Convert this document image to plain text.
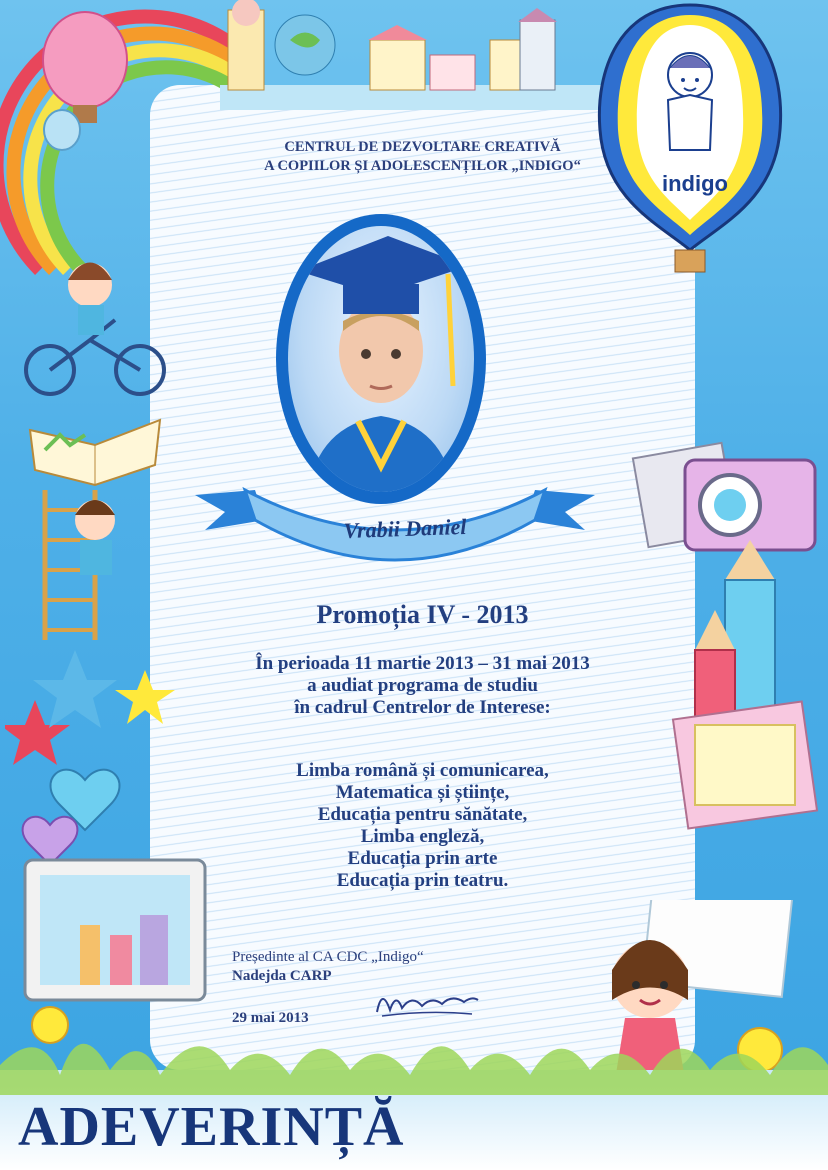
indigo
CENTRUL DE DEZVOLTARE CREATIVĂ
A COPIILOR ȘI ADOLESCENȚILOR „INDIGO“
Vrabii Daniel
Promoția IV - 2013
În perioada 11 martie 2013 – 31 mai 2013
a audiat programa de studiu
în cadrul Centrelor de Interese:
Limba română și comunicarea,
Matematica și științe,
Educația pentru sănătate,
Limba engleză,
Educația prin arte
Educația prin teatru.
Președinte al CA CDC „Indigo“
Nadejda CARP
29 mai 2013
ADEVERINȚĂ
